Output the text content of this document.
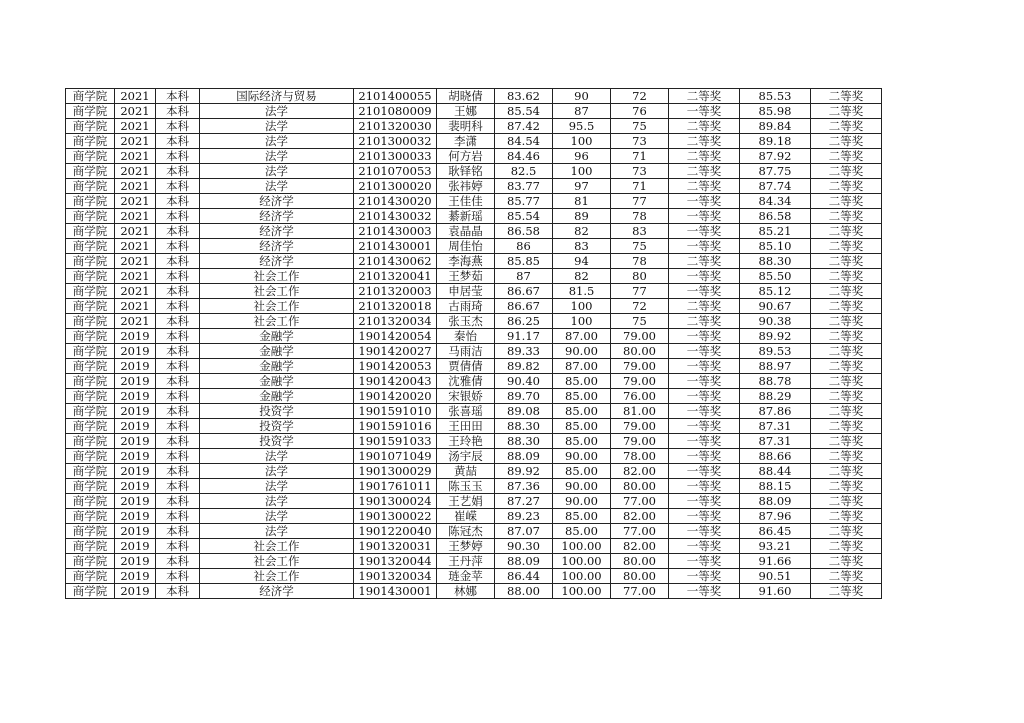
商学院	2021	本科	国际经济与贸易	2101400055	胡晓倩	83.62	90	72	二等奖	85.53	二等奖
商学院	2021	本科	法学	2101080009	王娜	85.54	87	76	一等奖	85.98	二等奖
商学院	2021	本科	法学	2101320030	裴明科	87.42	95.5	75	二等奖	89.84	二等奖
商学院	2021	本科	法学	2101300032	李潇	84.54	100	73	二等奖	89.18	二等奖
商学院	2021	本科	法学	2101300033	何方岩	84.46	96	71	二等奖	87.92	二等奖
商学院	2021	本科	法学	2101070053	耿铎铭	82.5	100	73	二等奖	87.75	二等奖
商学院	2021	本科	法学	2101300020	张祎婷	83.77	97	71	二等奖	87.74	二等奖
商学院	2021	本科	经济学	2101430020	王佳佳	85.77	81	77	一等奖	84.34	二等奖
商学院	2021	本科	经济学	2101430032	綦新瑶	85.54	89	78	一等奖	86.58	二等奖
商学院	2021	本科	经济学	2101430003	袁晶晶	86.58	82	83	一等奖	85.21	二等奖
商学院	2021	本科	经济学	2101430001	周佳怡	86	83	75	一等奖	85.10	二等奖
商学院	2021	本科	经济学	2101430062	李海燕	85.85	94	78	二等奖	88.30	二等奖
商学院	2021	本科	社会工作	2101320041	王梦茹	87	82	80	一等奖	85.50	二等奖
商学院	2021	本科	社会工作	2101320003	申居莹	86.67	81.5	77	一等奖	85.12	二等奖
商学院	2021	本科	社会工作	2101320018	古雨琦	86.67	100	72	二等奖	90.67	二等奖
商学院	2021	本科	社会工作	2101320034	张玉杰	86.25	100	75	二等奖	90.38	二等奖
商学院	2019	本科	金融学	1901420054	秦怡	91.17	87.00	79.00	一等奖	89.92	二等奖
商学院	2019	本科	金融学	1901420027	马雨洁	89.33	90.00	80.00	一等奖	89.53	二等奖
商学院	2019	本科	金融学	1901420053	贾倩倩	89.82	87.00	79.00	一等奖	88.97	二等奖
商学院	2019	本科	金融学	1901420043	沈雅倩	90.40	85.00	79.00	一等奖	88.78	二等奖
商学院	2019	本科	金融学	1901420020	宋银娇	89.70	85.00	76.00	一等奖	88.29	二等奖
商学院	2019	本科	投资学	1901591010	张喜瑶	89.08	85.00	81.00	一等奖	87.86	二等奖
商学院	2019	本科	投资学	1901591016	王田田	88.30	85.00	79.00	一等奖	87.31	二等奖
商学院	2019	本科	投资学	1901591033	王玲艳	88.30	85.00	79.00	一等奖	87.31	二等奖
商学院	2019	本科	法学	1901071049	汤宇辰	88.09	90.00	78.00	一等奖	88.66	二等奖
商学院	2019	本科	法学	1901300029	黄喆	89.92	85.00	82.00	一等奖	88.44	二等奖
商学院	2019	本科	法学	1901761011	陈玉玉	87.36	90.00	80.00	一等奖	88.15	二等奖
商学院	2019	本科	法学	1901300024	王艺娟	87.27	90.00	77.00	一等奖	88.09	二等奖
商学院	2019	本科	法学	1901300022	崔嵘	89.23	85.00	82.00	一等奖	87.96	二等奖
商学院	2019	本科	法学	1901220040	陈冠杰	87.07	85.00	77.00	一等奖	86.45	二等奖
商学院	2019	本科	社会工作	1901320031	王梦婷	90.30	100.00	82.00	一等奖	93.21	二等奖
商学院	2019	本科	社会工作	1901320044	王丹萍	88.09	100.00	80.00	一等奖	91.66	二等奖
商学院	2019	本科	社会工作	1901320034	琏金苹	86.44	100.00	80.00	一等奖	90.51	二等奖
商学院	2019	本科	经济学	1901430001	林娜	88.00	100.00	77.00	一等奖	91.60	二等奖
